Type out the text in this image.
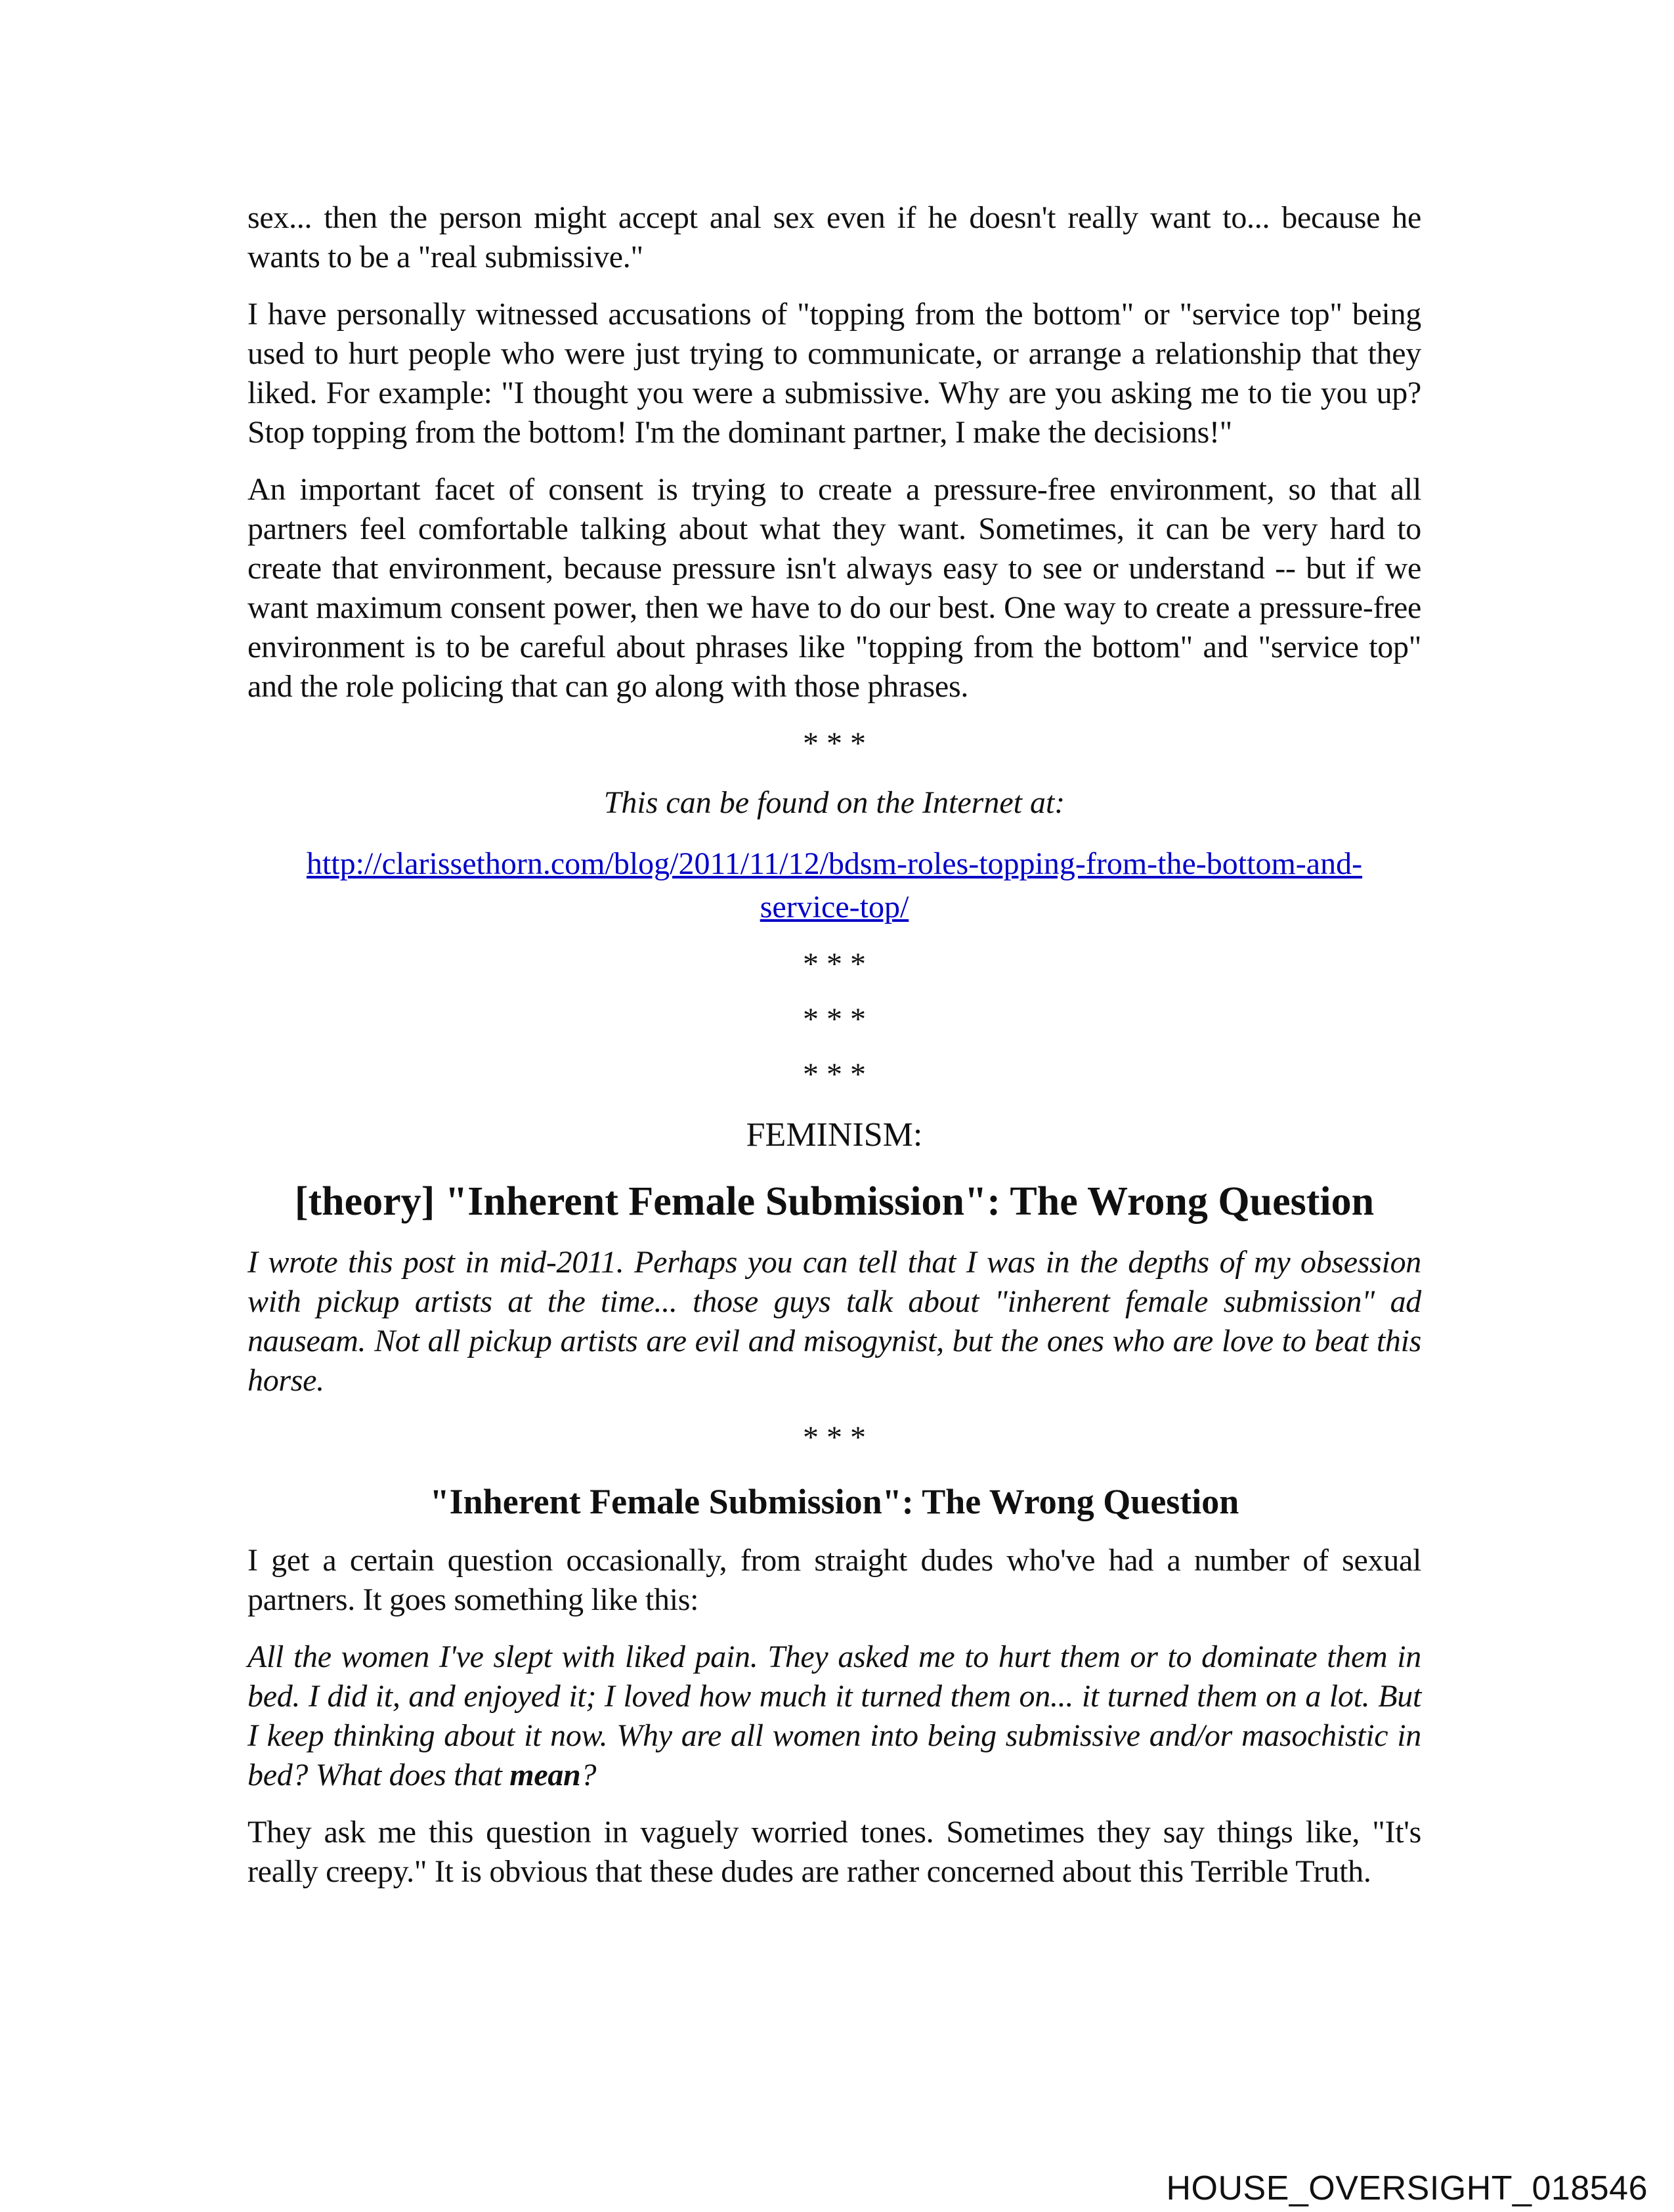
sex... then the person might accept anal sex even if he doesn't really want to... because he wants to be a "real submissive."

I have personally witnessed accusations of "topping from the bottom" or "service top" being used to hurt people who were just trying to communicate, or arrange a relationship that they liked. For example: "I thought you were a submissive. Why are you asking me to tie you up? Stop topping from the bottom! I'm the dominant partner, I make the decisions!"

An important facet of consent is trying to create a pressure-free environment, so that all partners feel comfortable talking about what they want. Sometimes, it can be very hard to create that environment, because pressure isn't always easy to see or understand -- but if we want maximum consent power, then we have to do our best. One way to create a pressure-free environment is to be careful about phrases like "topping from the bottom" and "service top" and the role policing that can go along with those phrases.

* * *
This can be found on the Internet at:
http://clarissethorn.com/blog/2011/11/12/bdsm-roles-topping-from-the-bottom-and-
service-top/
* * *
* * *
* * *
FEMINISM:
[theory] "Inherent Female Submission": The Wrong Question

I wrote this post in mid-2011. Perhaps you can tell that I was in the depths of my obsession with pickup artists at the time... those guys talk about "inherent female submission" ad nauseam. Not all pickup artists are evil and misogynist, but the ones who are love to beat this horse.

* * *
"Inherent Female Submission": The Wrong Question

I get a certain question occasionally, from straight dudes who've had a number of sexual partners. It goes something like this:

All the women I've slept with liked pain. They asked me to hurt them or to dominate them in bed. I did it, and enjoyed it; I loved how much it turned them on... it turned them on a lot. But I keep thinking about it now. Why are all women into being submissive and/or masochistic in bed? What does that mean?

They ask me this question in vaguely worried tones. Sometimes they say things like, "It's really creepy." It is obvious that these dudes are rather concerned about this Terrible Truth.

HOUSE_OVERSIGHT_018546
